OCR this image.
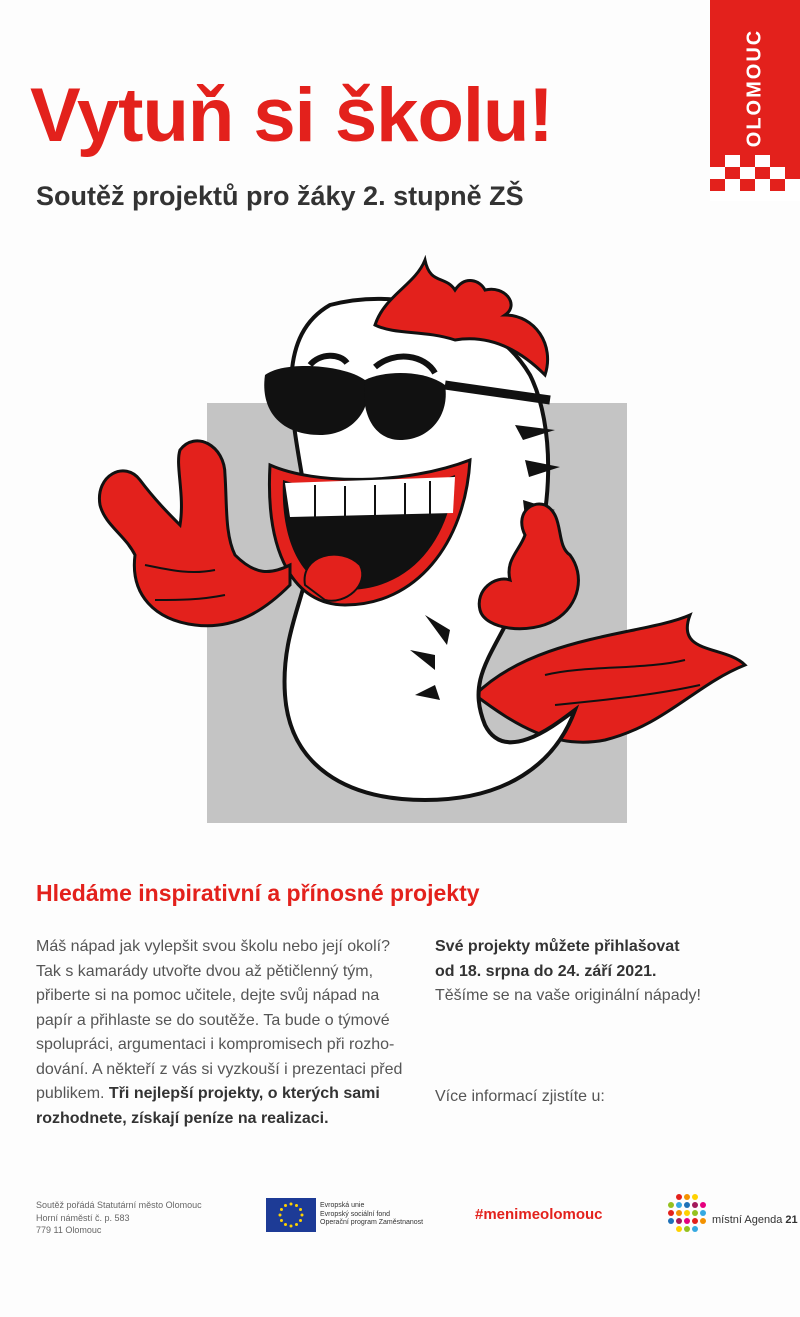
OLOMOUC
Vytuň si školu!
Soutěž projektů pro žáky 2. stupně ZŠ
Hledáme inspirativní a přínosné projekty
Máš nápad jak vylepšit svou školu nebo její okolí?
Tak s kamarády utvořte dvou až pětičlenný tým,
přiberte si na pomoc učitele, dejte svůj nápad na
papír a přihlaste se do soutěže. Ta bude o týmové
spolupráci, argumentaci i kompromisech při rozho-
dování. A někteří z vás si vyzkouší i prezentaci před
publikem. Tři nejlepší projekty, o kterých sami
rozhodnete, získají peníze na realizaci.
Své projekty můžete přihlašovat
od 18. srpna do 24. září 2021.
Těšíme se na vaše originální nápady!
Více informací zjistíte u:
Soutěž pořádá Statutární město Olomouc
Horní náměstí č. p. 583
779 11 Olomouc
Evropská unie
Evropský sociální fond
Operační program Zaměstnanost	#menimeolomouc	místní Agenda 21
